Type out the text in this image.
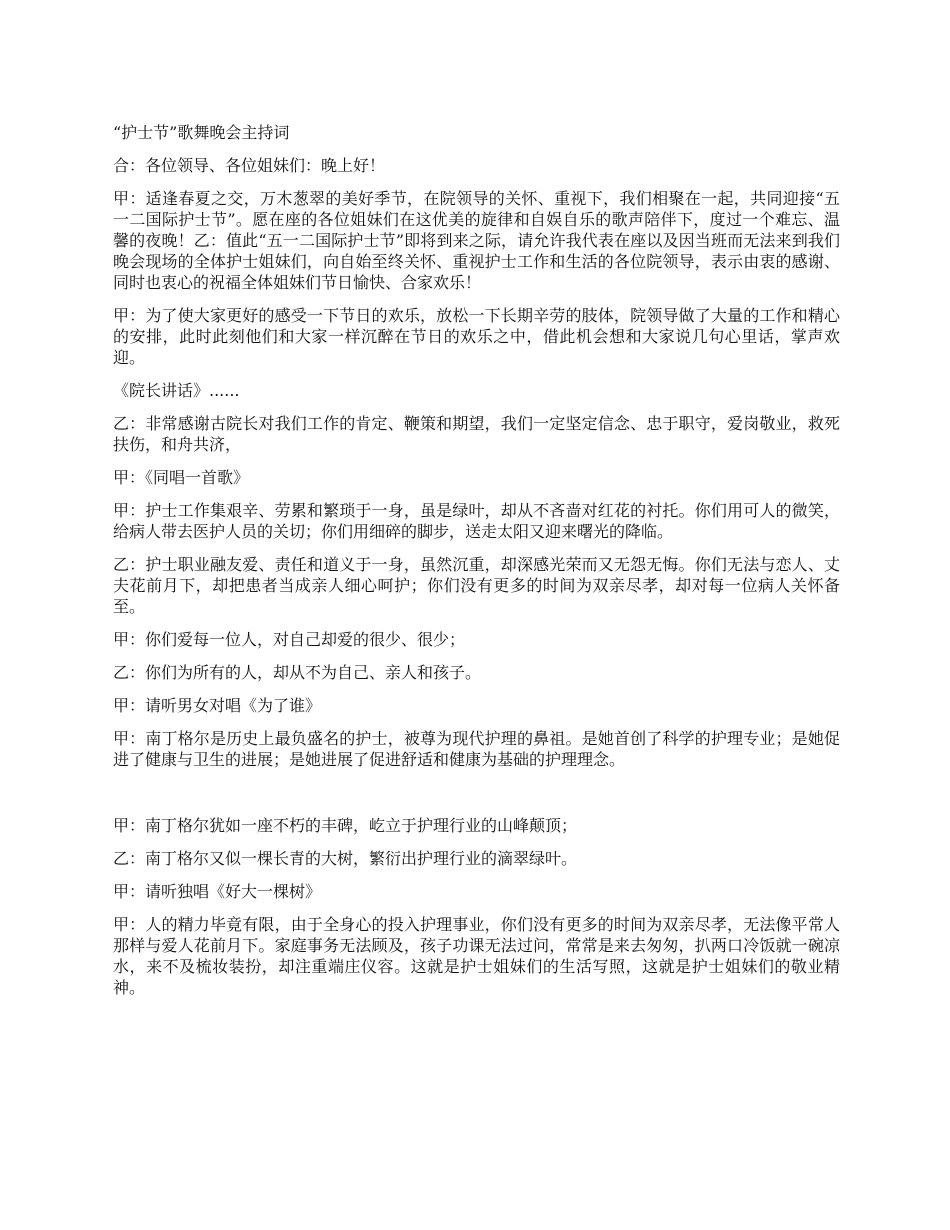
“护士节”歌舞晚会主持词

合：各位领导、各位姐妹们：晚上好！

甲：适逢春夏之交，万木葱翠的美好季节，在院领导的关怀、重视下，我们相聚在一起，共同迎接“五一二国际护士节”。愿在座的各位姐妹们在这优美的旋律和自娱自乐的歌声陪伴下，度过一个难忘、温馨的夜晚！乙：值此“五一二国际护士节”即将到来之际，请允许我代表在座以及因当班而无法来到我们晚会现场的全体护士姐妹们，向自始至终关怀、重视护士工作和生活的各位院领导，表示由衷的感谢、同时也衷心的祝福全体姐妹们节日愉快、合家欢乐！

甲：为了使大家更好的感受一下节日的欢乐，放松一下长期辛劳的肢体，院领导做了大量的工作和精心的安排，此时此刻他们和大家一样沉醉在节日的欢乐之中，借此机会想和大家说几句心里话，掌声欢迎。

《院长讲话》......

乙：非常感谢古院长对我们工作的肯定、鞭策和期望，我们一定坚定信念、忠于职守，爱岗敬业，救死扶伤，和舟共济，

甲：《同唱一首歌》

甲：护士工作集艰辛、劳累和繁琐于一身，虽是绿叶，却从不吝啬对红花的衬托。你们用可人的微笑，给病人带去医护人员的关切；你们用细碎的脚步，送走太阳又迎来曙光的降临。

乙：护士职业融友爱、责任和道义于一身，虽然沉重，却深感光荣而又无怨无悔。你们无法与恋人、丈夫花前月下，却把患者当成亲人细心呵护；你们没有更多的时间为双亲尽孝，却对每一位病人关怀备至。

甲：你们爱每一位人，对自己却爱的很少、很少；

乙：你们为所有的人，却从不为自己、亲人和孩子。

甲：请听男女对唱《为了谁》

甲：南丁格尔是历史上最负盛名的护士，被尊为现代护理的鼻祖。是她首创了科学的护理专业；是她促进了健康与卫生的进展；是她进展了促进舒适和健康为基础的护理理念。

甲：南丁格尔犹如一座不朽的丰碑，屹立于护理行业的山峰颠顶；

乙：南丁格尔又似一棵长青的大树，繁衍出护理行业的滴翠绿叶。

甲：请听独唱《好大一棵树》

甲：人的精力毕竟有限，由于全身心的投入护理事业，你们没有更多的时间为双亲尽孝，无法像平常人那样与爱人花前月下。家庭事务无法顾及，孩子功课无法过问，常常是来去匆匆，扒两口冷饭就一碗凉水，来不及梳妆装扮，却注重端庄仪容。这就是护士姐妹们的生活写照，这就是护士姐妹们的敬业精神。
